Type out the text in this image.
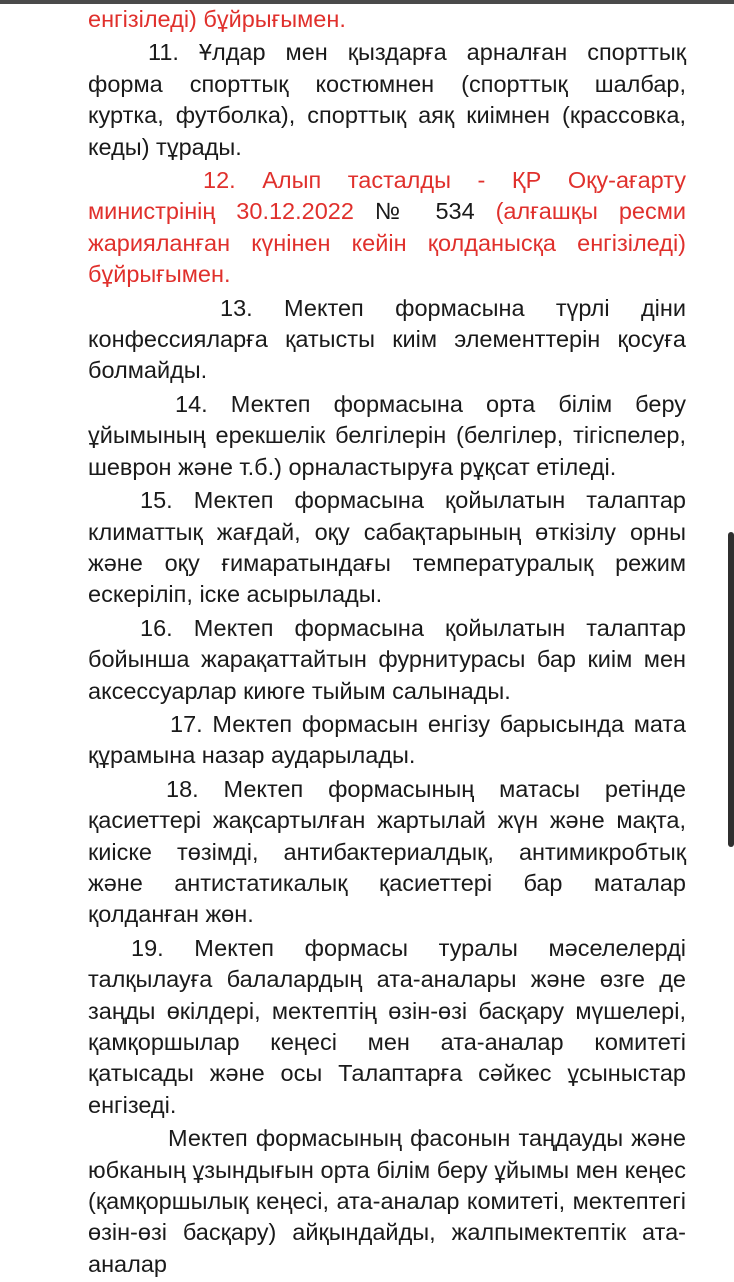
енгізіледі) бұйрығымен.

11. Ұлдар мен қыздарға арналған спорттық форма спорттық костюмнен (спорттық шалбар, куртка, футболка), спорттық аяқ киімнен (крассовка, кеды) тұрады.

12. Алып тасталды - ҚР Оқу-ағарту министрінің 30.12.2022 № 534 (алғашқы ресми жарияланған күнінен кейін қолданысқа енгізіледі) бұйрығымен.

13. Мектеп формасына түрлі діни конфессияларға қатысты киім элементтерін қосуға болмайды.

14. Мектеп формасына орта білім беру ұйымының ерекшелік белгілерін (белгілер, тігіспелер, шеврон және т.б.) орналастыруға рұқсат етіледі.

15. Мектеп формасына қойылатын талаптар климаттық жағдай, оқу сабақтарының өткізілу орны және оқу ғимаратындағы температуралық режим ескеріліп, іске асырылады.

16. Мектеп формасына қойылатын талаптар бойынша жарақаттайтын фурнитурасы бар киім мен аксессуарлар киюге тыйым салынады.

17. Мектеп формасын енгізу барысында мата құрамына назар аударылады.

18. Мектеп формасының матасы ретінде қасиеттері жақсартылған жартылай жүн және мақта, киіске төзімді, антибактериалдық, антимикробтық және антистатикалық қасиеттері бар маталар қолданған жөн.

19. Мектеп формасы туралы мәселелерді талқылауға балалардың ата-аналары және өзге де заңды өкілдері, мектептің өзін-өзі басқару мүшелері, қамқоршылар кеңесі мен ата-аналар комитеті қатысады және осы Талаптарға сәйкес ұсыныстар енгізеді.

Мектеп формасының фасонын таңдауды және юбканың ұзындығын орта білім беру ұйымы мен кеңес (қамқоршылық кеңесі, ата-аналар комитеті, мектептегі өзін-өзі басқару) айқындайды, жалпымектептік ата-аналар
